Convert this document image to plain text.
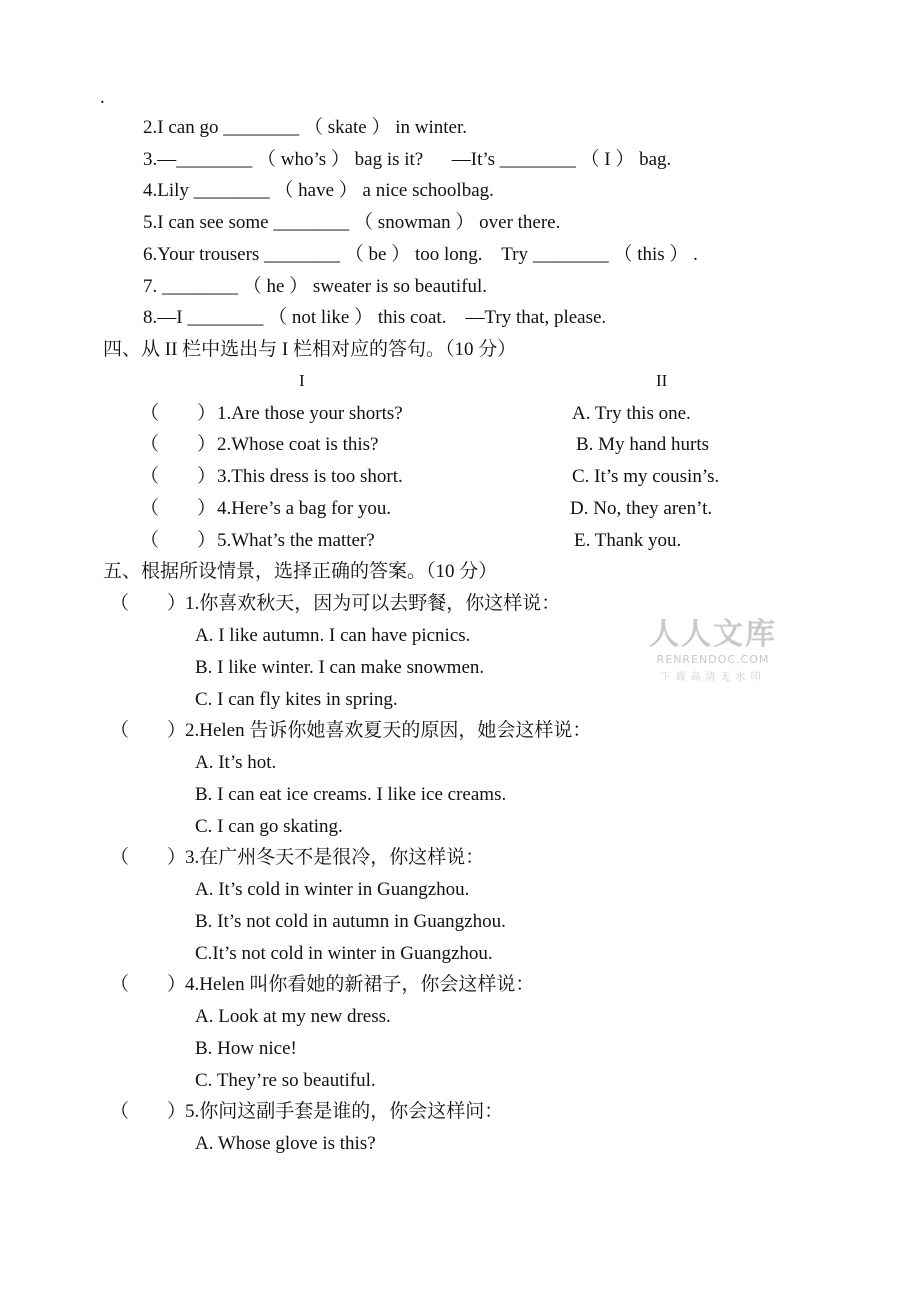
.
2.I can go ________ （ skate ） in winter.
3.—________ （ who’s ） bag is it?      —It’s ________ （ I ） bag.
4.Lily ________ （ have ） a nice schoolbag.
5.I can see some ________ （ snowman ） over there.
6.Your trousers ________ （ be ） too long.    Try ________ （ this ） .
7. ________ （ he ） sweater is so beautiful.
8.—I ________ （ not like ） this coat.    —Try that, please.
四、从 II 栏中选出与 I 栏相对应的答句。（10 分）
I	II
（        ） 1.Are those your shorts?	A. Try this one.
（        ） 2.Whose coat is this?	B. My hand hurts
（        ） 3.This dress is too short.	C. It’s my cousin’s.
（        ） 4.Here’s a bag for you.	D. No, they aren’t.
（        ） 5.What’s the matter?	E. Thank you.
五、根据所设情景，选择正确的答案。（10 分）
（        ）
1.你喜欢秋天，因为可以去野餐，你这样说：
A. I like autumn. I can have picnics.
B. I like winter. I can make snowmen.
C. I can fly kites in spring.
（        ）
2.Helen 告诉你她喜欢夏天的原因，她会这样说：
A. It’s hot.
B. I can eat ice creams. I like ice creams.
C. I can go skating.
（        ）
3.在广州冬天不是很冷，你这样说：
A. It’s cold in winter in Guangzhou.
B. It’s not cold in autumn in Guangzhou.
C.It’s not cold in winter in Guangzhou.
（        ）
4.Helen 叫你看她的新裙子，你会这样说：
A. Look at my new dress.
B. How nice!
C. They’re so beautiful.
（        ）
5.你问这副手套是谁的，你会这样问：
A. Whose glove is this?
人人文库
RENRENDOC.COM
下载高清无水印
